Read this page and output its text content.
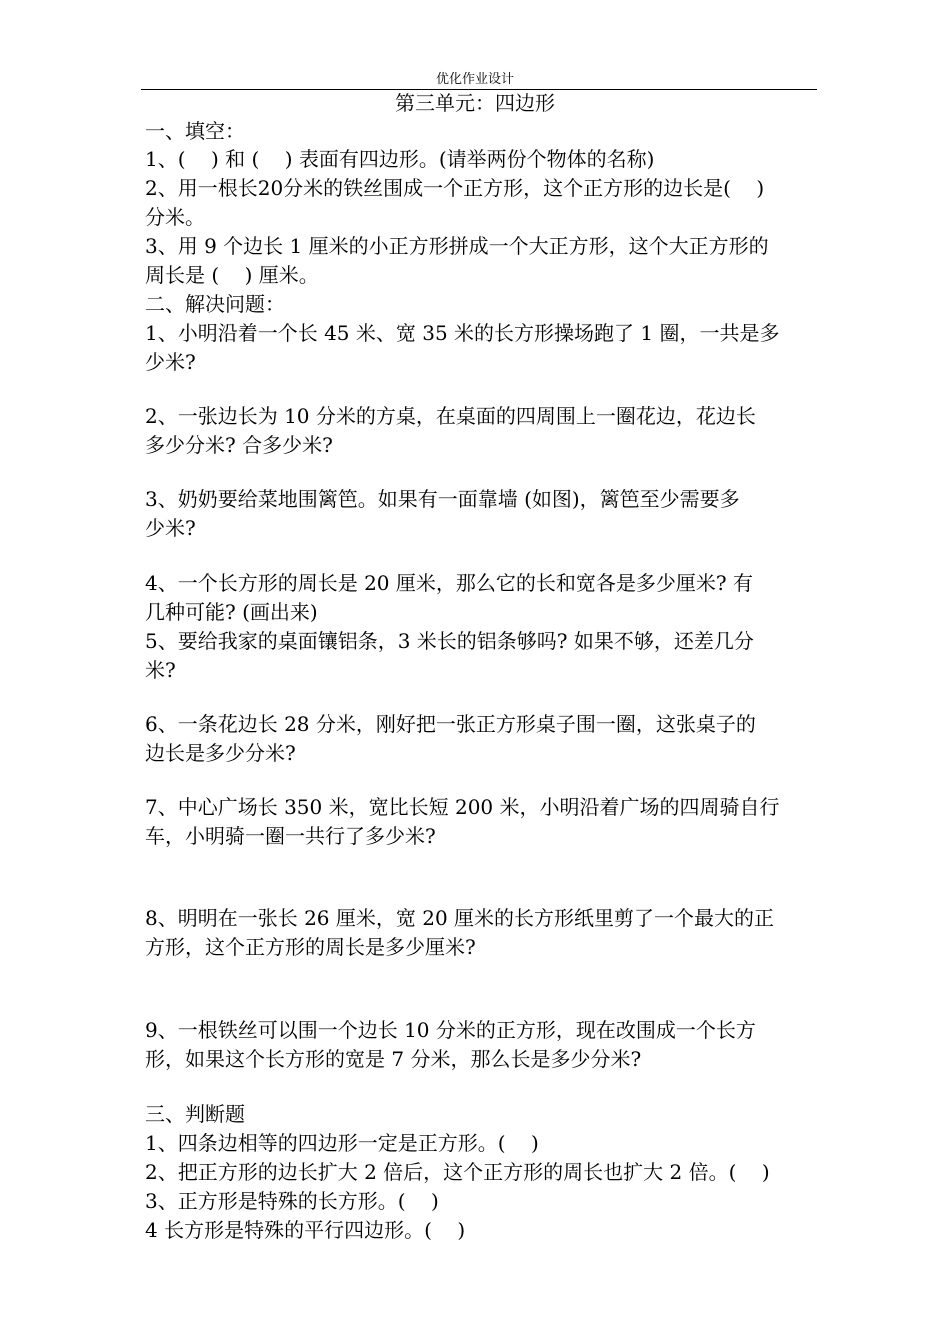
优化作业设计
第三单元：四边形
一、填空：
1、(    ) 和 (    ) 表面有四边形。(请举两份个物体的名称)
2、用一根长20分米的铁丝围成一个正方形，这个正方形的边长是(    )
分米。
3、用 9 个边长 1 厘米的小正方形拼成一个大正方形，这个大正方形的
周长是 (    ) 厘米。
二、解决问题：
1、小明沿着一个长 45 米、宽 35 米的长方形操场跑了 1 圈，一共是多
少米?
2、一张边长为 10 分米的方桌，在桌面的四周围上一圈花边，花边长
多少分米? 合多少米?
3、奶奶要给菜地围篱笆。如果有一面靠墙 (如图)，篱笆至少需要多
少米?
4、一个长方形的周长是 20 厘米，那么它的长和宽各是多少厘米? 有
几种可能? (画出来)
5、要给我家的桌面镶铝条，3 米长的铝条够吗? 如果不够，还差几分
米?
6、一条花边长 28 分米，刚好把一张正方形桌子围一圈，这张桌子的
边长是多少分米?
7、中心广场长 350 米，宽比长短 200 米，小明沿着广场的四周骑自行
车，小明骑一圈一共行了多少米?
8、明明在一张长 26 厘米，宽 20 厘米的长方形纸里剪了一个最大的正
方形，这个正方形的周长是多少厘米?
9、一根铁丝可以围一个边长 10 分米的正方形，现在改围成一个长方
形，如果这个长方形的宽是 7 分米，那么长是多少分米?
三、判断题
1、四条边相等的四边形一定是正方形。(    )
2、把正方形的边长扩大 2 倍后，这个正方形的周长也扩大 2 倍。(    )
3、正方形是特殊的长方形。(    )
4 长方形是特殊的平行四边形。(    )
